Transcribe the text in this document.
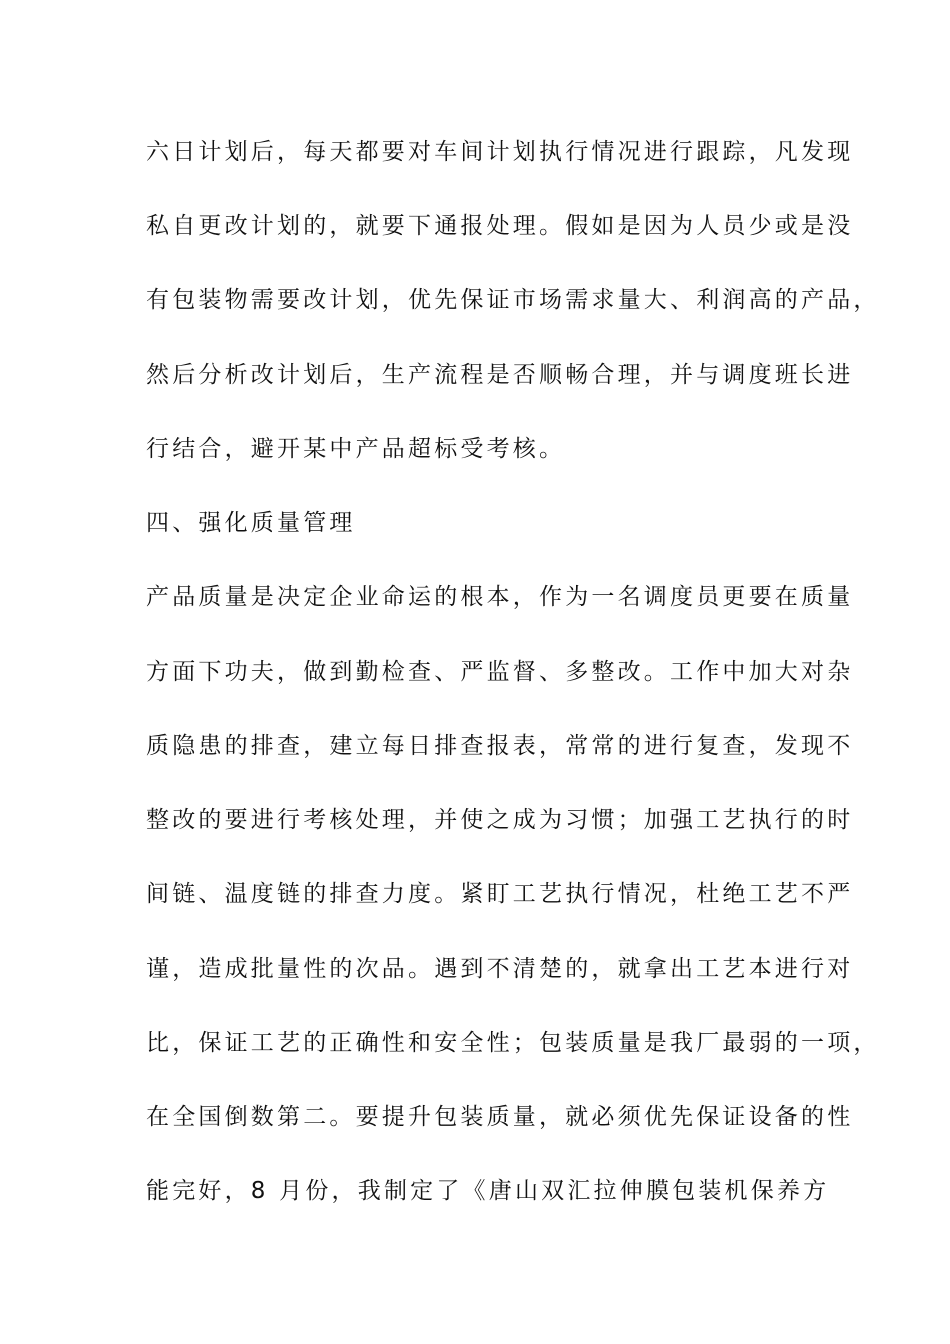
六日计划后，每天都要对车间计划执行情况进行跟踪，凡发现
私自更改计划的，就要下通报处理。假如是因为人员少或是没
有包装物需要改计划，优先保证市场需求量大、利润高的产品，
然后分析改计划后，生产流程是否顺畅合理，并与调度班长进
行结合，避开某中产品超标受考核。
四、强化质量管理
产品质量是决定企业命运的根本，作为一名调度员更要在质量
方面下功夫，做到勤检查、严监督、多整改。工作中加大对杂
质隐患的排查，建立每日排查报表，常常的进行复查，发现不
整改的要进行考核处理，并使之成为习惯；加强工艺执行的时
间链、温度链的排查力度。紧盯工艺执行情况，杜绝工艺不严
谨，造成批量性的次品。遇到不清楚的，就拿出工艺本进行对
比，保证工艺的正确性和安全性；包装质量是我厂最弱的一项，
在全国倒数第二。要提升包装质量，就必须优先保证设备的性
能完好，8 月份，我制定了《唐山双汇拉伸膜包装机保养方
